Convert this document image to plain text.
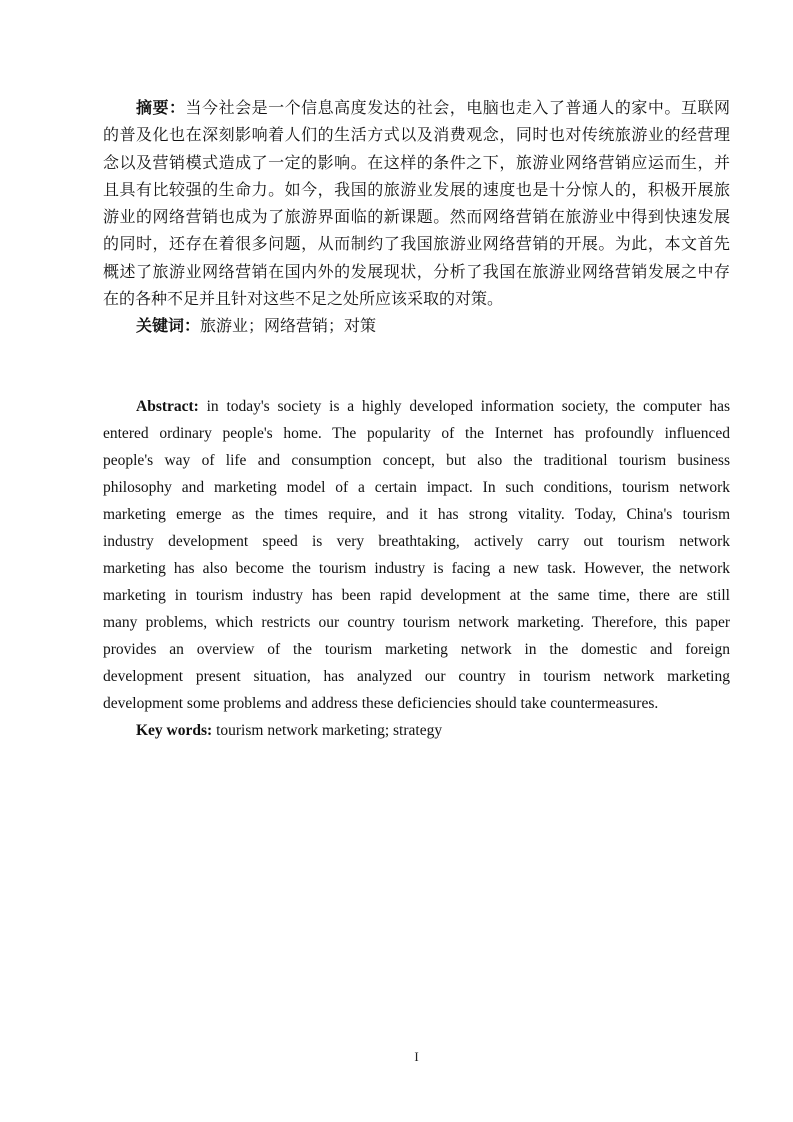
摘要：当今社会是一个信息高度发达的社会，电脑也走入了普通人的家中。互联网
的普及化也在深刻影响着人们的生活方式以及消费观念，同时也对传统旅游业的经营理
念以及营销模式造成了一定的影响。在这样的条件之下，旅游业网络营销应运而生，并
且具有比较强的生命力。如今，我国的旅游业发展的速度也是十分惊人的，积极开展旅
游业的网络营销也成为了旅游界面临的新课题。然而网络营销在旅游业中得到快速发展
的同时，还存在着很多问题，从而制约了我国旅游业网络营销的开展。为此，本文首先
概述了旅游业网络营销在国内外的发展现状，分析了我国在旅游业网络营销发展之中存
在的各种不足并且针对这些不足之处所应该采取的对策。
关键词：旅游业；网络营销；对策
Abstract: in today's society is a highly developed information society, the computer has
entered ordinary people's home. The popularity of the Internet has profoundly influenced
people's way of life and consumption concept, but also the traditional tourism business
philosophy and marketing model of a certain impact. In such conditions, tourism network
marketing emerge as the times require, and it has strong vitality. Today, China's tourism
industry development speed is very breathtaking, actively carry out tourism network
marketing has also become the tourism industry is facing a new task. However, the network
marketing in tourism industry has been rapid development at the same time, there are still
many problems, which restricts our country tourism network marketing. Therefore, this paper
provides an overview of the tourism marketing network in the domestic and foreign
development present situation, has analyzed our country in tourism network marketing
development some problems and address these deficiencies should take countermeasures.
Key words: tourism network marketing; strategy
I
